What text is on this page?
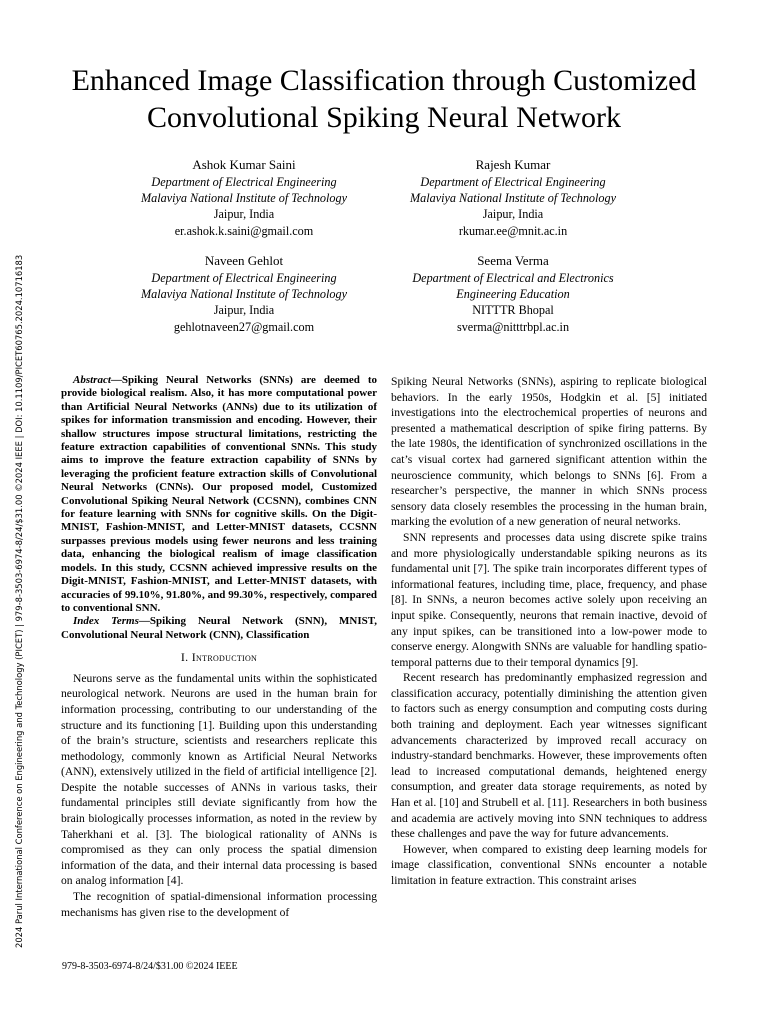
2024 Parul International Conference on Engineering and Technology (PICET) | 979-8-3503-6974-8/24/$31.00 ©2024 IEEE | DOI: 10.1109/PICET60765.2024.10716183
Enhanced Image Classification through Customized
Convolutional Spiking Neural Network
Ashok Kumar Saini
Department of Electrical Engineering
Malaviya National Institute of Technology
Jaipur, India
er.ashok.k.saini@gmail.com
Rajesh Kumar
Department of Electrical Engineering
Malaviya National Institute of Technology
Jaipur, India
rkumar.ee@mnit.ac.in
Naveen Gehlot
Department of Electrical Engineering
Malaviya National Institute of Technology
Jaipur, India
gehlotnaveen27@gmail.com
Seema Verma
Department of Electrical and Electronics
Engineering Education
NITTTR Bhopal
sverma@nitttrbpl.ac.in

Abstract—Spiking Neural Networks (SNNs) are deemed to provide biological realism. Also, it has more computational power than Artificial Neural Networks (ANNs) due to its utilization of spikes for information transmission and encoding. However, their shallow structures impose structural limitations, restricting the feature extraction capabilities of conventional SNNs. This study aims to improve the feature extraction capability of SNNs by leveraging the proficient feature extraction skills of Convolutional Neural Networks (CNNs). Our proposed model, Customized Convolutional Spiking Neural Network (CCSNN), combines CNN for feature learning with SNNs for cognitive skills. On the Digit-MNIST, Fashion-MNIST, and Letter-MNIST datasets, CCSNN surpasses previous models using fewer neurons and less training data, enhancing the biological realism of image classification models. In this study, CCSNN achieved impressive results on the Digit-MNIST, Fashion-MNIST, and Letter-MNIST datasets, with accuracies of 99.10%, 91.80%, and 99.30%, respectively, compared to conventional SNN.

Index Terms—Spiking Neural Network (SNN), MNIST, Convolutional Neural Network (CNN), Classification

I. Introduction

Neurons serve as the fundamental units within the sophisticated neurological network. Neurons are used in the human brain for information processing, contributing to our understanding of the structure and its functioning [1]. Building upon this understanding of the brain’s structure, scientists and researchers replicate this methodology, commonly known as Artificial Neural Networks (ANN), extensively utilized in the field of artificial intelligence [2]. Despite the notable successes of ANNs in various tasks, their fundamental principles still deviate significantly from how the brain biologically processes information, as noted in the review by Taherkhani et al. [3]. The biological rationality of ANNs is compromised as they can only process the spatial dimension information of the data, and their internal data processing is based on analog information [4].

The recognition of spatial-dimensional information processing mechanisms has given rise to the development of

Spiking Neural Networks (SNNs), aspiring to replicate biological behaviors. In the early 1950s, Hodgkin et al. [5] initiated investigations into the electrochemical properties of neurons and presented a mathematical description of spike firing patterns. By the late 1980s, the identification of synchronized oscillations in the cat’s visual cortex had garnered significant attention within the neuroscience community, which belongs to SNNs [6]. From a researcher’s perspective, the manner in which SNNs process sensory data closely resembles the processing in the human brain, marking the evolution of a new generation of neural networks.

SNN represents and processes data using discrete spike trains and more physiologically understandable spiking neurons as its fundamental unit [7]. The spike train incorporates different types of informational features, including time, place, frequency, and phase [8]. In SNNs, a neuron becomes active solely upon receiving an input spike. Consequently, neurons that remain inactive, devoid of any input spikes, can be transitioned into a low-power mode to conserve energy. Alongwith SNNs are valuable for handling spatio-temporal patterns due to their temporal dynamics [9].

Recent research has predominantly emphasized regression and classification accuracy, potentially diminishing the attention given to factors such as energy consumption and computing costs during both training and deployment. Each year witnesses significant advancements characterized by improved recall accuracy on industry-standard benchmarks. However, these improvements often lead to increased computational demands, heightened energy consumption, and greater data storage requirements, as noted by Han et al. [10] and Strubell et al. [11]. Researchers in both business and academia are actively moving into SNN techniques to address these challenges and pave the way for future advancements.

However, when compared to existing deep learning models for image classification, conventional SNNs encounter a notable limitation in feature extraction. This constraint arises

979-8-3503-6974-8/24/$31.00 ©2024 IEEE
